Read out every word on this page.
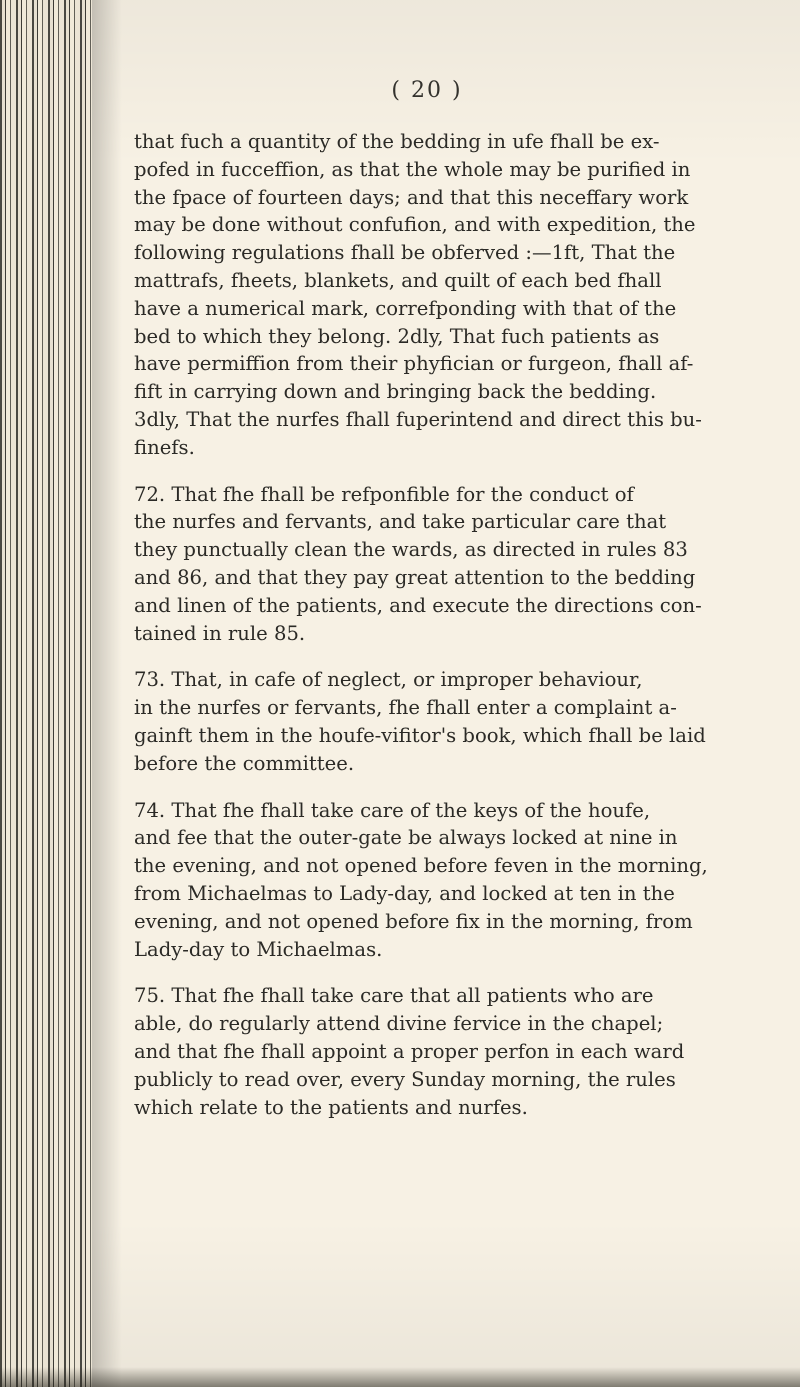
( 20 )

that fuch a quantity of the bedding in ufe fhall be ex-
pofed in fucceffion, as that the whole may be purified in
the fpace of fourteen days; and that this neceffary work
may be done without confufion, and with expedition, the
following regulations fhall be obferved :—1ft, That the
mattrafs, fheets, blankets, and quilt of each bed fhall
have a numerical mark, correfponding with that of the
bed to which they belong. 2dly, That fuch patients as
have permiffion from their phyfician or furgeon, fhall af-
fift in carrying down and bringing back the bedding.
3dly, That the nurfes fhall fuperintend and direct this bu-
finefs.

72. That fhe fhall be refponfible for the conduct of
the nurfes and fervants, and take particular care that
they punctually clean the wards, as directed in rules 83
and 86, and that they pay great attention to the bedding
and linen of the patients, and execute the directions con-
tained in rule 85.

73. That, in cafe of neglect, or improper behaviour,
in the nurfes or fervants, fhe fhall enter a complaint a-
gainft them in the houfe-vifitor's book, which fhall be laid
before the committee.

74. That fhe fhall take care of the keys of the houfe,
and fee that the outer-gate be always locked at nine in
the evening, and not opened before feven in the morning,
from Michaelmas to Lady-day, and locked at ten in the
evening, and not opened before fix in the morning, from
Lady-day to Michaelmas.

75. That fhe fhall take care that all patients who are
able, do regularly attend divine fervice in the chapel;
and that fhe fhall appoint a proper perfon in each ward
publicly to read over, every Sunday morning, the rules
which relate to the patients and nurfes.
